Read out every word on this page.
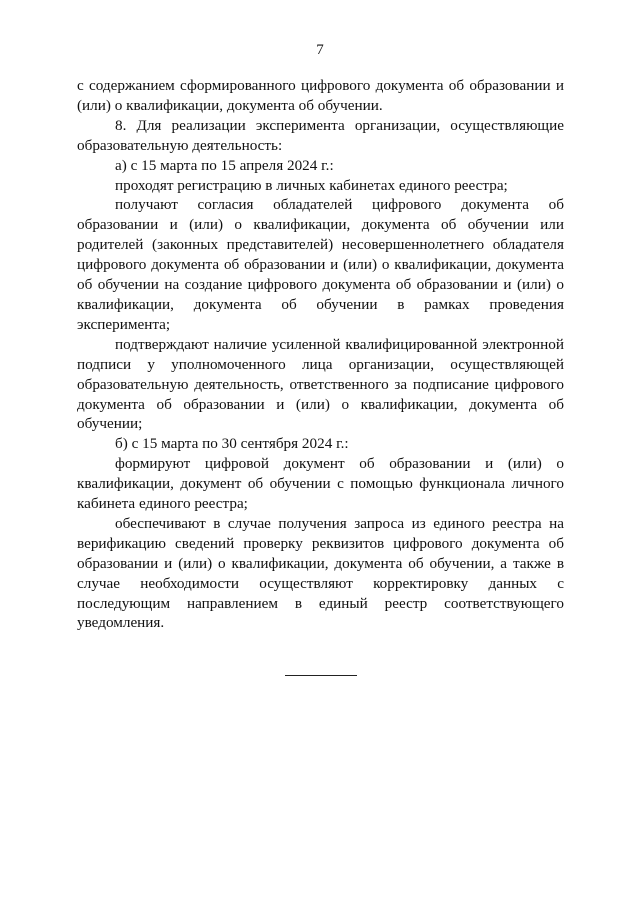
7

с содержанием сформированного цифрового документа об образовании и (или) о квалификации, документа об обучении.

8. Для реализации эксперимента организации, осуществляющие образовательную деятельность:

а) с 15 марта по 15 апреля 2024 г.:

проходят регистрацию в личных кабинетах единого реестра;

получают согласия обладателей цифрового документа об образовании и (или) о квалификации, документа об обучении или родителей (законных представителей) несовершеннолетнего обладателя цифрового документа об образовании и (или) о квалификации, документа об обучении на создание цифрового документа об образовании и (или) о квалификации, документа об обучении в рамках проведения эксперимента;

подтверждают наличие усиленной квалифицированной электронной подписи у уполномоченного лица организации, осуществляющей образовательную деятельность, ответственного за подписание цифрового документа об образовании и (или) о квалификации, документа об обучении;

б) с 15 марта по 30 сентября 2024 г.:

формируют цифровой документ об образовании и (или) о квалификации, документ об обучении с помощью функционала личного кабинета единого реестра;

обеспечивают в случае получения запроса из единого реестра на верификацию сведений проверку реквизитов цифрового документа об образовании и (или) о квалификации, документа об обучении, а также в случае необходимости осуществляют корректировку данных с последующим направлением в единый реестр соответствующего уведомления.
